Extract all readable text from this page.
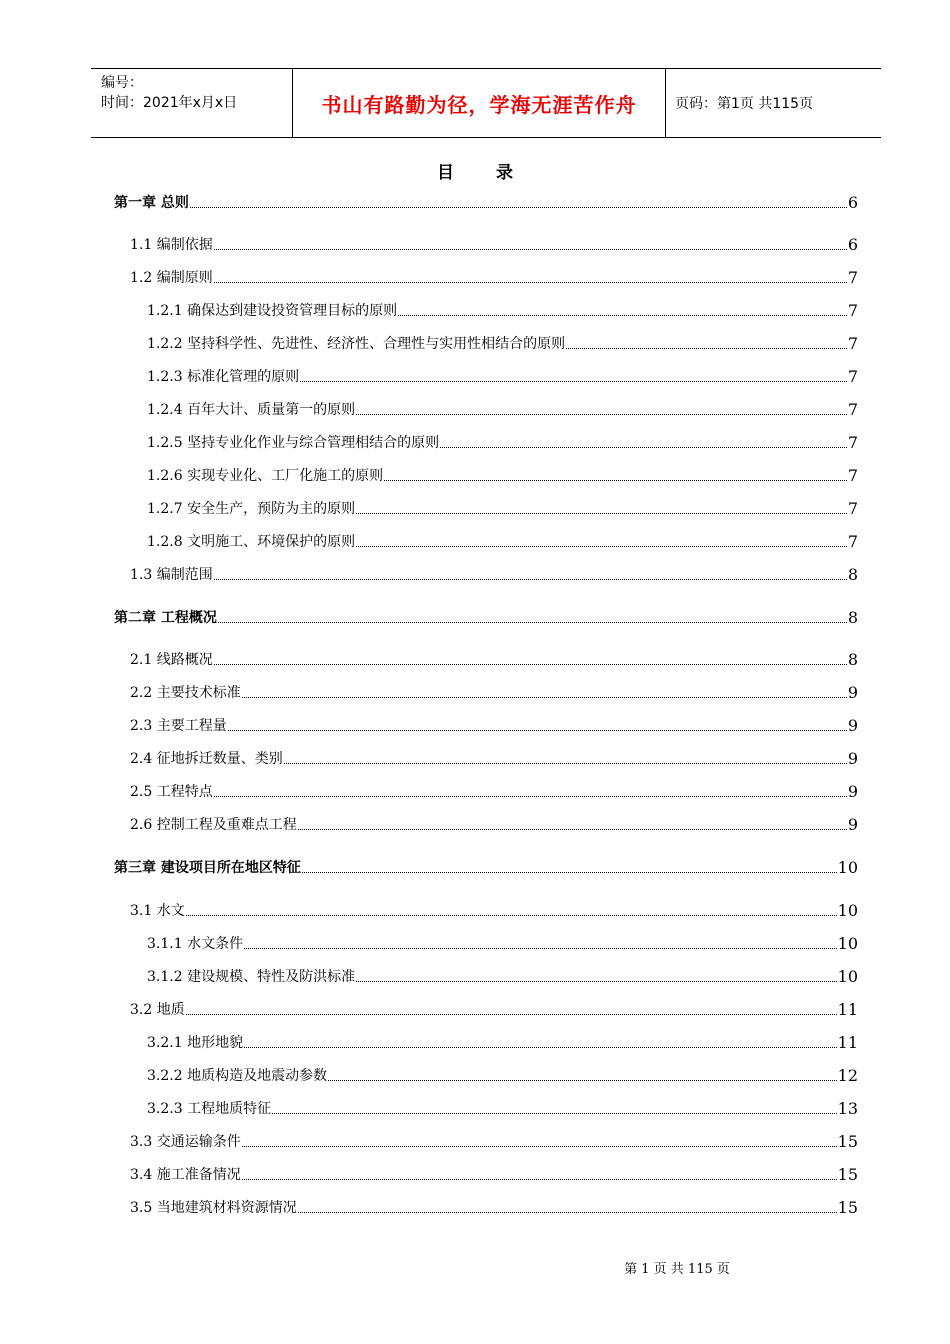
编号：
时间：2021年x月x日	书山有路勤为径，学海无涯苦作舟	页码：第1页 共115页
目 录
第一章 总则	6
1.1 编制依据	6
1.2 编制原则	7
1.2.1 确保达到建设投资管理目标的原则	7
1.2.2 坚持科学性、先进性、经济性、合理性与实用性相结合的原则	7
1.2.3 标准化管理的原则	7
1.2.4 百年大计、质量第一的原则	7
1.2.5 坚持专业化作业与综合管理相结合的原则	7
1.2.6 实现专业化、工厂化施工的原则	7
1.2.7 安全生产，预防为主的原则	7
1.2.8 文明施工、环境保护的原则	7
1.3 编制范围	8
第二章 工程概况	8
2.1 线路概况	8
2.2 主要技术标准	9
2.3 主要工程量	9
2.4 征地拆迁数量、类别	9
2.5 工程特点	9
2.6 控制工程及重难点工程	9
第三章 建设项目所在地区特征	10
3.1 水文	10
3.1.1 水文条件	10
3.1.2 建设规模、特性及防洪标准	10
3.2 地质	11
3.2.1 地形地貌	11
3.2.2 地质构造及地震动参数	12
3.2.3 工程地质特征	13
3.3 交通运输条件	15
3.4 施工准备情况	15
3.5 当地建筑材料资源情况	15
第 1 页 共 115 页
